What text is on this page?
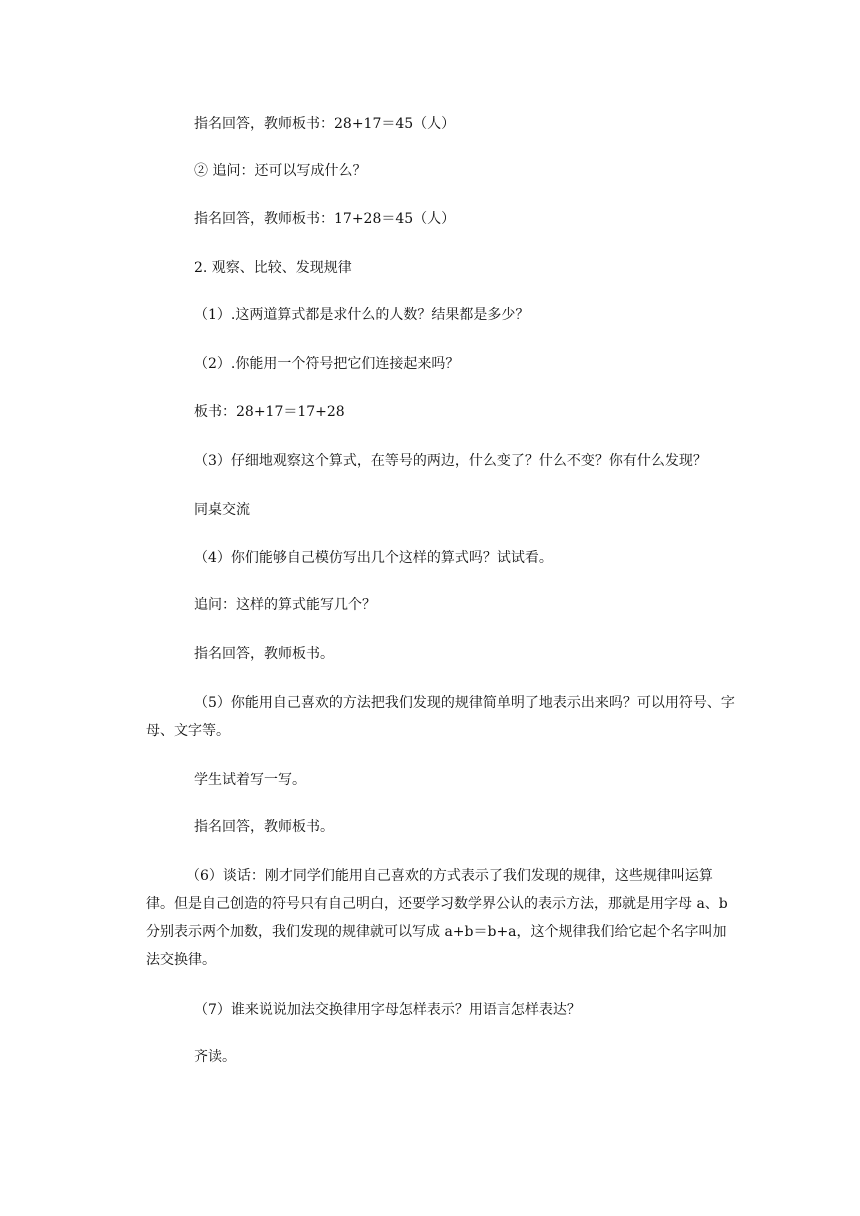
指名回答，教师板书：28+17＝45（人）
② 追问：还可以写成什么？
指名回答，教师板书：17+28＝45（人）
2. 观察、比较、发现规律
（1）.这两道算式都是求什么的人数？结果都是多少？
（2）.你能用一个符号把它们连接起来吗？
板书：28+17＝17+28
（3）仔细地观察这个算式，在等号的两边，什么变了？什么不变？你有什么发现？
同桌交流
（4）你们能够自己模仿写出几个这样的算式吗？试试看。
追问：这样的算式能写几个？
指名回答，教师板书。
（5）你能用自己喜欢的方法把我们发现的规律简单明了地表示出来吗？可以用符号、字母、文字等。
学生试着写一写。
指名回答，教师板书。
（6）谈话：刚才同学们能用自己喜欢的方式表示了我们发现的规律，这些规律叫运算律。但是自己创造的符号只有自己明白，还要学习数学界公认的表示方法，那就是用字母 a、b 分别表示两个加数，我们发现的规律就可以写成 a+b＝b+a，这个规律我们给它起个名字叫加法交换律。
（7）谁来说说加法交换律用字母怎样表示？用语言怎样表达？
齐读。
